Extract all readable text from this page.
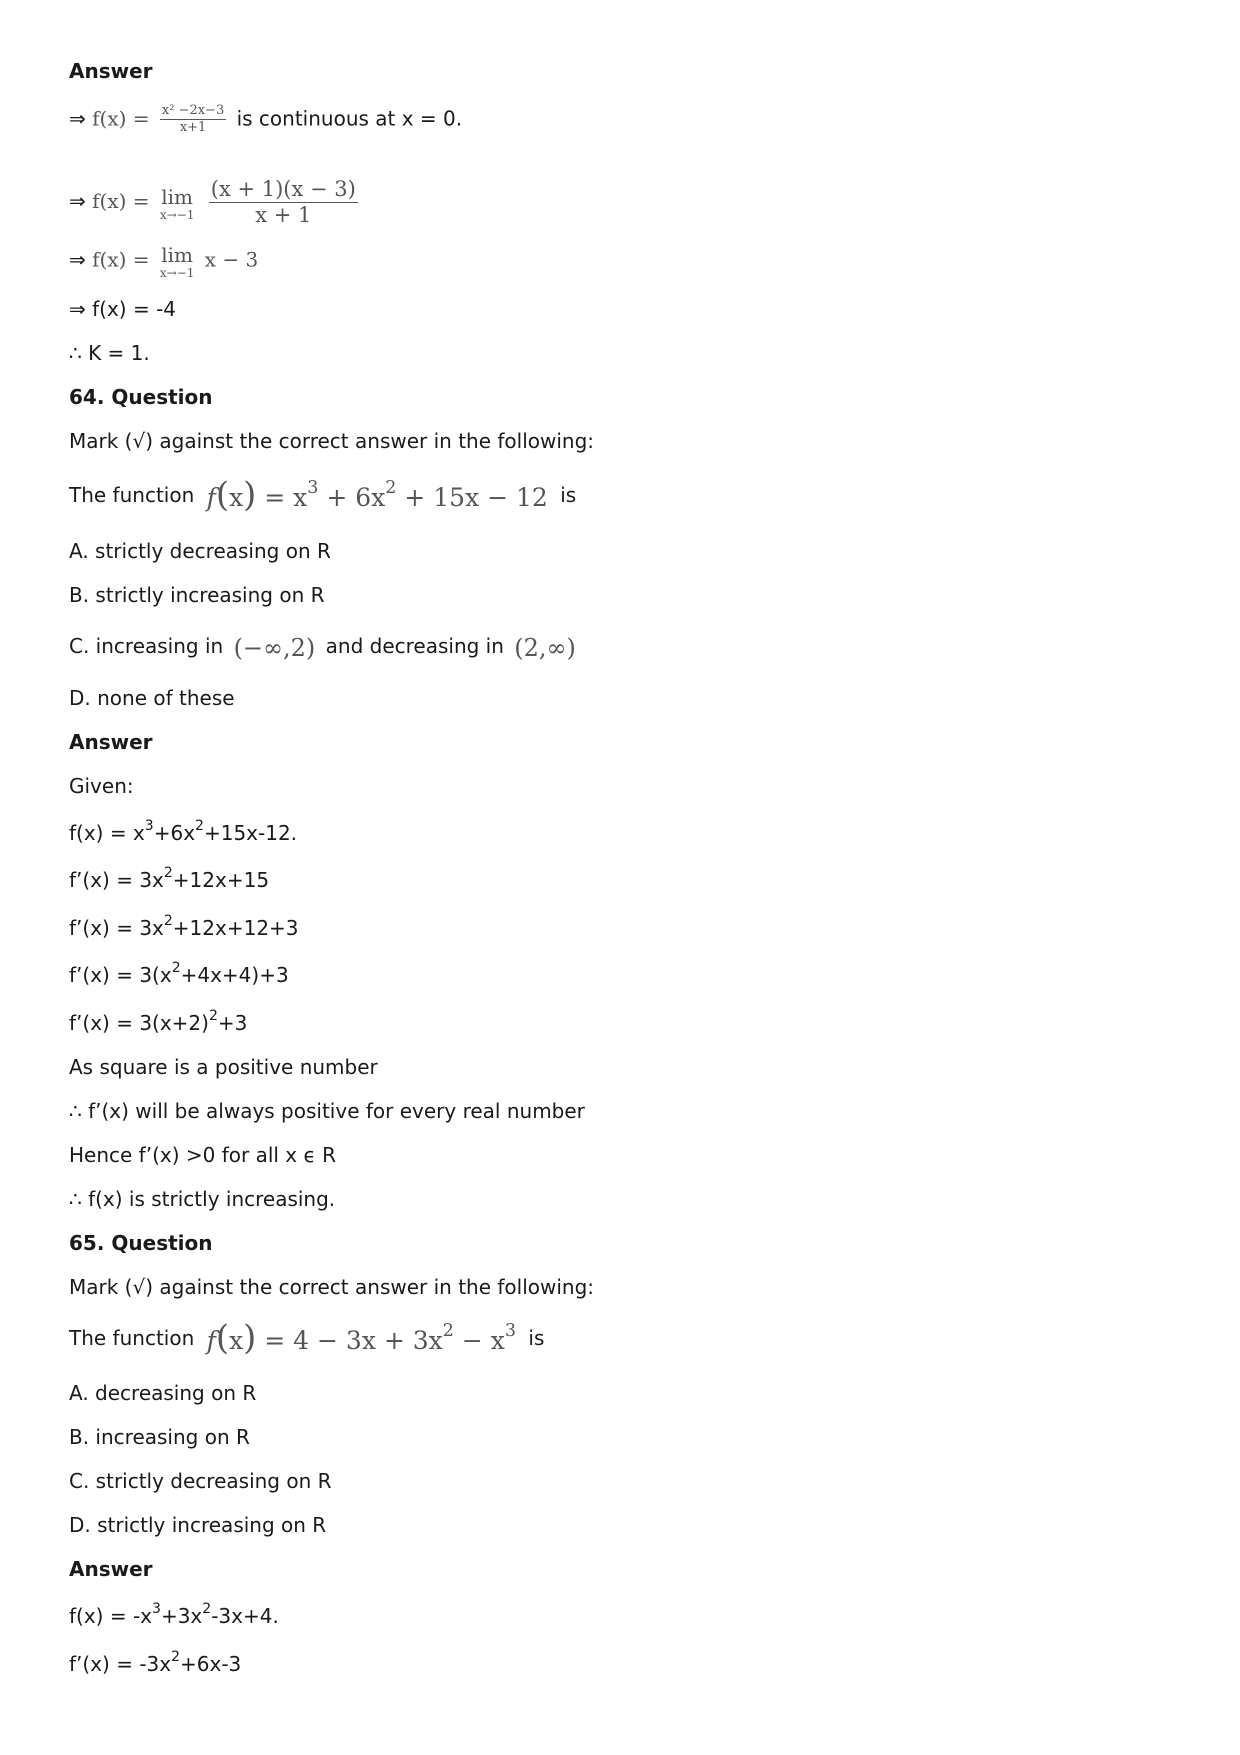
Answer
⇒ $f(x) = \frac{\text{x² −2x−3}}{x+1}$ is continuous at x = 0.
⇒ f(x) = lim
x→−1
$\frac{(x + 1)(x - 3)}{x + 1}$
⇒ f(x) = lim
x→−1
x − 3
⇒ f(x) = -4
∴ K = 1.
64. Question
Mark (√) against the correct answer in the following:
The function $f(x) = x^3 + 6x^2 + 15x - 12$ is
A. strictly decreasing on R
B. strictly increasing on R
C. increasing in (−∞,2) and decreasing in (2,∞)
D. none of these
Answer
Given:
$f(x) = x^3+6x^2+15x-12$.
f’(x) = $3x^2+12x+15$
f’(x) = $3x^2+12x+12+3$
f’(x) = $3(x^2+4x+4)+3$
f’(x) = $3(x+2)^2+3$
As square is a positive number
∴ f’(x) will be always positive for every real number
Hence f’(x) >0 for all x ϵ R
∴ f(x) is strictly increasing.
65. Question
Mark (√) against the correct answer in the following:
The function $f(x) = 4 - 3x + 3x^2 - x^3$ is
A. decreasing on R
B. increasing on R
C. strictly decreasing on R
D. strictly increasing on R
Answer
$f(x) = -x^3+3x^2-3x+4$.
f’(x) = $-3x^2+6x-3$
